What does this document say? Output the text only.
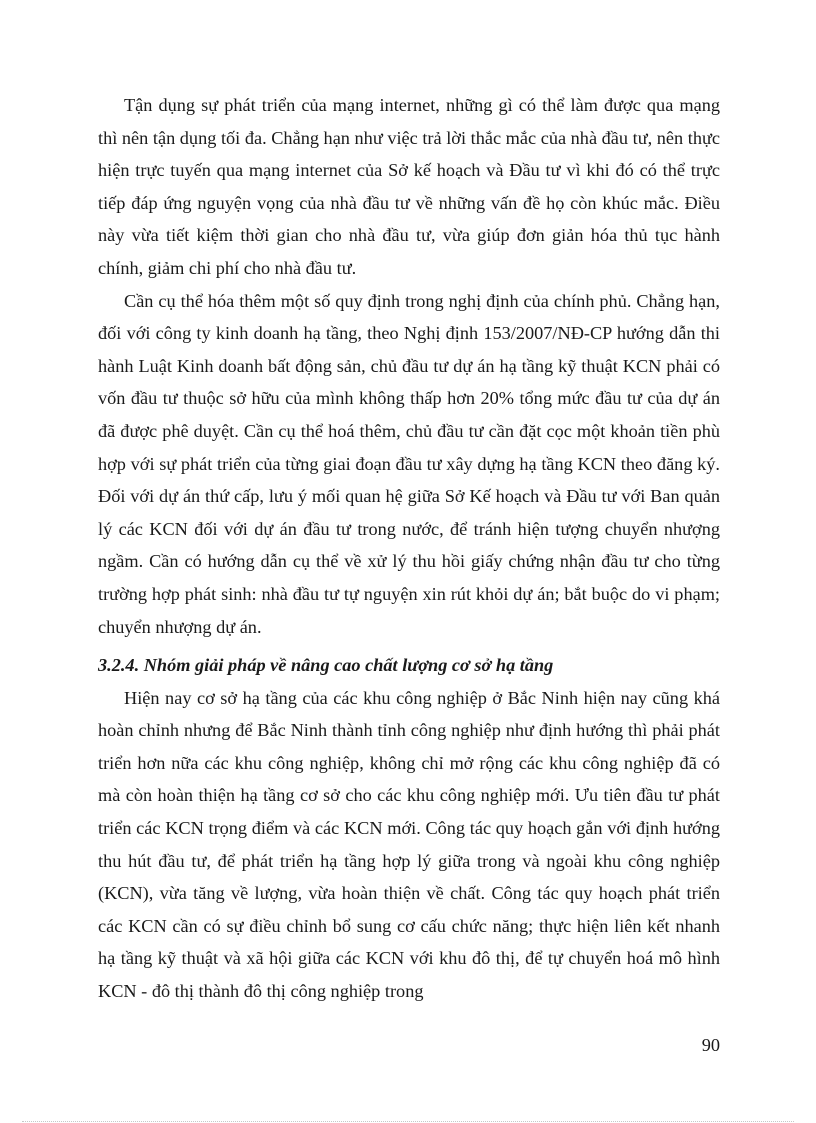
Tận dụng sự phát triển của mạng internet, những gì có thể làm được qua mạng thì nên tận dụng tối đa. Chẳng hạn như việc trả lời thắc mắc của nhà đầu tư, nên thực hiện trực tuyến qua mạng internet của Sở kế hoạch và Đầu tư vì khi đó có thể trực tiếp đáp ứng nguyện vọng của nhà đầu tư về những vấn đề họ còn khúc mắc. Điều này vừa tiết kiệm thời gian cho nhà đầu tư, vừa giúp đơn giản hóa thủ tục hành chính, giảm chi phí cho nhà đầu tư.

Cần cụ thể hóa thêm một số quy định trong nghị định của chính phủ. Chẳng hạn, đối với công ty kinh doanh hạ tầng, theo Nghị định 153/2007/NĐ-CP hướng dẫn thi hành Luật Kinh doanh bất động sản, chủ đầu tư dự án hạ tầng kỹ thuật KCN phải có vốn đầu tư thuộc sở hữu của mình không thấp hơn 20% tổng mức đầu tư của dự án đã được phê duyệt. Cần cụ thể hoá thêm, chủ đầu tư cần đặt cọc một khoản tiền phù hợp với sự phát triển của từng giai đoạn đầu tư xây dựng hạ tầng KCN theo đăng ký. Đối với dự án thứ cấp, lưu ý mối quan hệ giữa Sở Kế hoạch và Đầu tư với Ban quản lý các KCN đối với dự án đầu tư trong nước, để tránh hiện tượng chuyển nhượng ngầm. Cần có hướng dẫn cụ thể về xử lý thu hồi giấy chứng nhận đầu tư cho từng trường hợp phát sinh: nhà đầu tư tự nguyện xin rút khỏi dự án; bắt buộc do vi phạm; chuyển nhượng dự án.

3.2.4. Nhóm giải pháp về nâng cao chất lượng cơ sở hạ tầng

Hiện nay cơ sở hạ tầng của các khu công nghiệp ở Bắc Ninh hiện nay cũng khá hoàn chỉnh nhưng để Bắc Ninh thành tỉnh công nghiệp như định hướng thì phải phát triển hơn nữa các khu công nghiệp, không chỉ mở rộng các khu công nghiệp đã có mà còn hoàn thiện hạ tầng cơ sở cho các khu công nghiệp mới. Ưu tiên đầu tư phát triển các KCN trọng điểm và các KCN mới. Công tác quy hoạch gắn với định hướng thu hút đầu tư, để phát triển hạ tầng hợp lý giữa trong và ngoài khu công nghiệp (KCN), vừa tăng về lượng, vừa hoàn thiện về chất. Công tác quy hoạch phát triển các KCN cần có sự điều chỉnh bổ sung cơ cấu chức năng; thực hiện liên kết nhanh hạ tầng kỹ thuật và xã hội giữa các KCN với khu đô thị, để tự chuyển hoá mô hình KCN - đô thị thành đô thị công nghiệp trong

90
